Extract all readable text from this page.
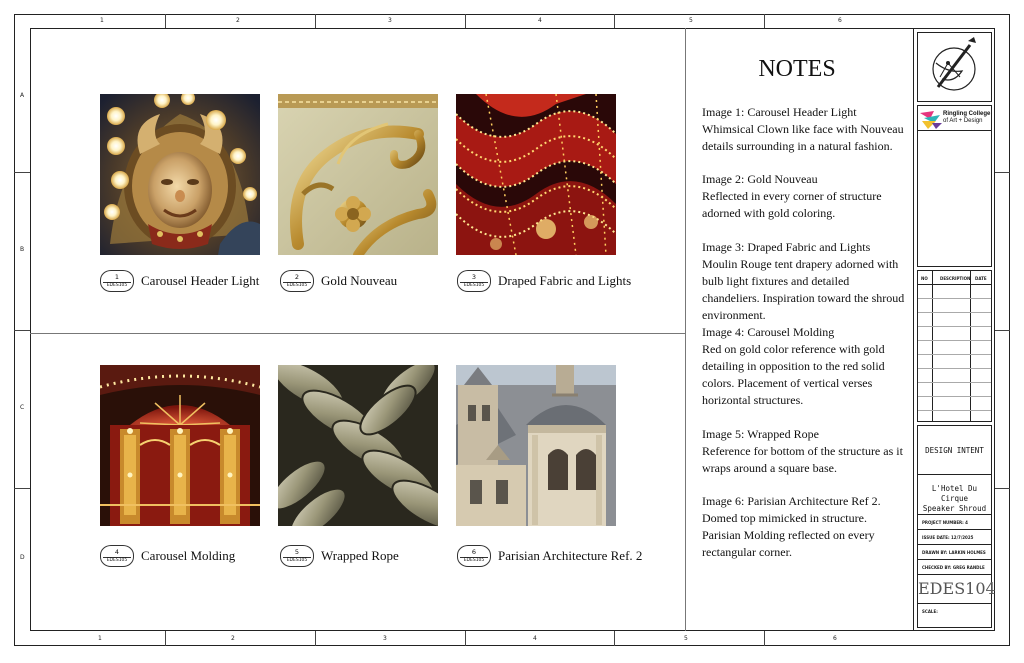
1	2	3	4	5	6
1	2	3	4	5	6
A
B
C
D
1
EDES105	Carousel Header Light	2
EDES105	Gold Nouveau	3
EDES105	Draped Fabric and Lights
4
EDES105	Carousel Molding	5
EDES105	Wrapped Rope	6
EDES105	Parisian Architecture Ref. 2
NOTES
Image 1: Carousel Header Light
Whimsical Clown like face with Nouveau details surrounding in a natural fashion.
Image 2: Gold Nouveau
Reflected in every corner of structure adorned with gold coloring.
Image 3: Draped Fabric and Lights
Moulin Rouge tent drapery adorned with bulb light fixtures and detailed chandeliers. Inspiration toward the shroud environment.
Image 4: Carousel Molding
Red on gold color reference with gold detailing in opposition to the red solid colors. Placement of vertical verses horizontal structures.
Image 5: Wrapped Rope
Reference for bottom of the structure as it wraps around a square base.
Image 6: Parisian Architecture Ref 2.
Domed top mimicked in structure. Parisian Molding reflected on every rectangular corner.
Ringling College
of Art + Design
NO	DESCRIPTION DATE
DESIGN INTENT
L'Hotel Du Cirque
Speaker Shroud
PROJECT NUMBER: 4
ISSUE DATE: 12/7/2025
DRAWN BY: LARKIN HOLMES
CHECKED BY: GREG RANDLE
EDES104
SCALE:
